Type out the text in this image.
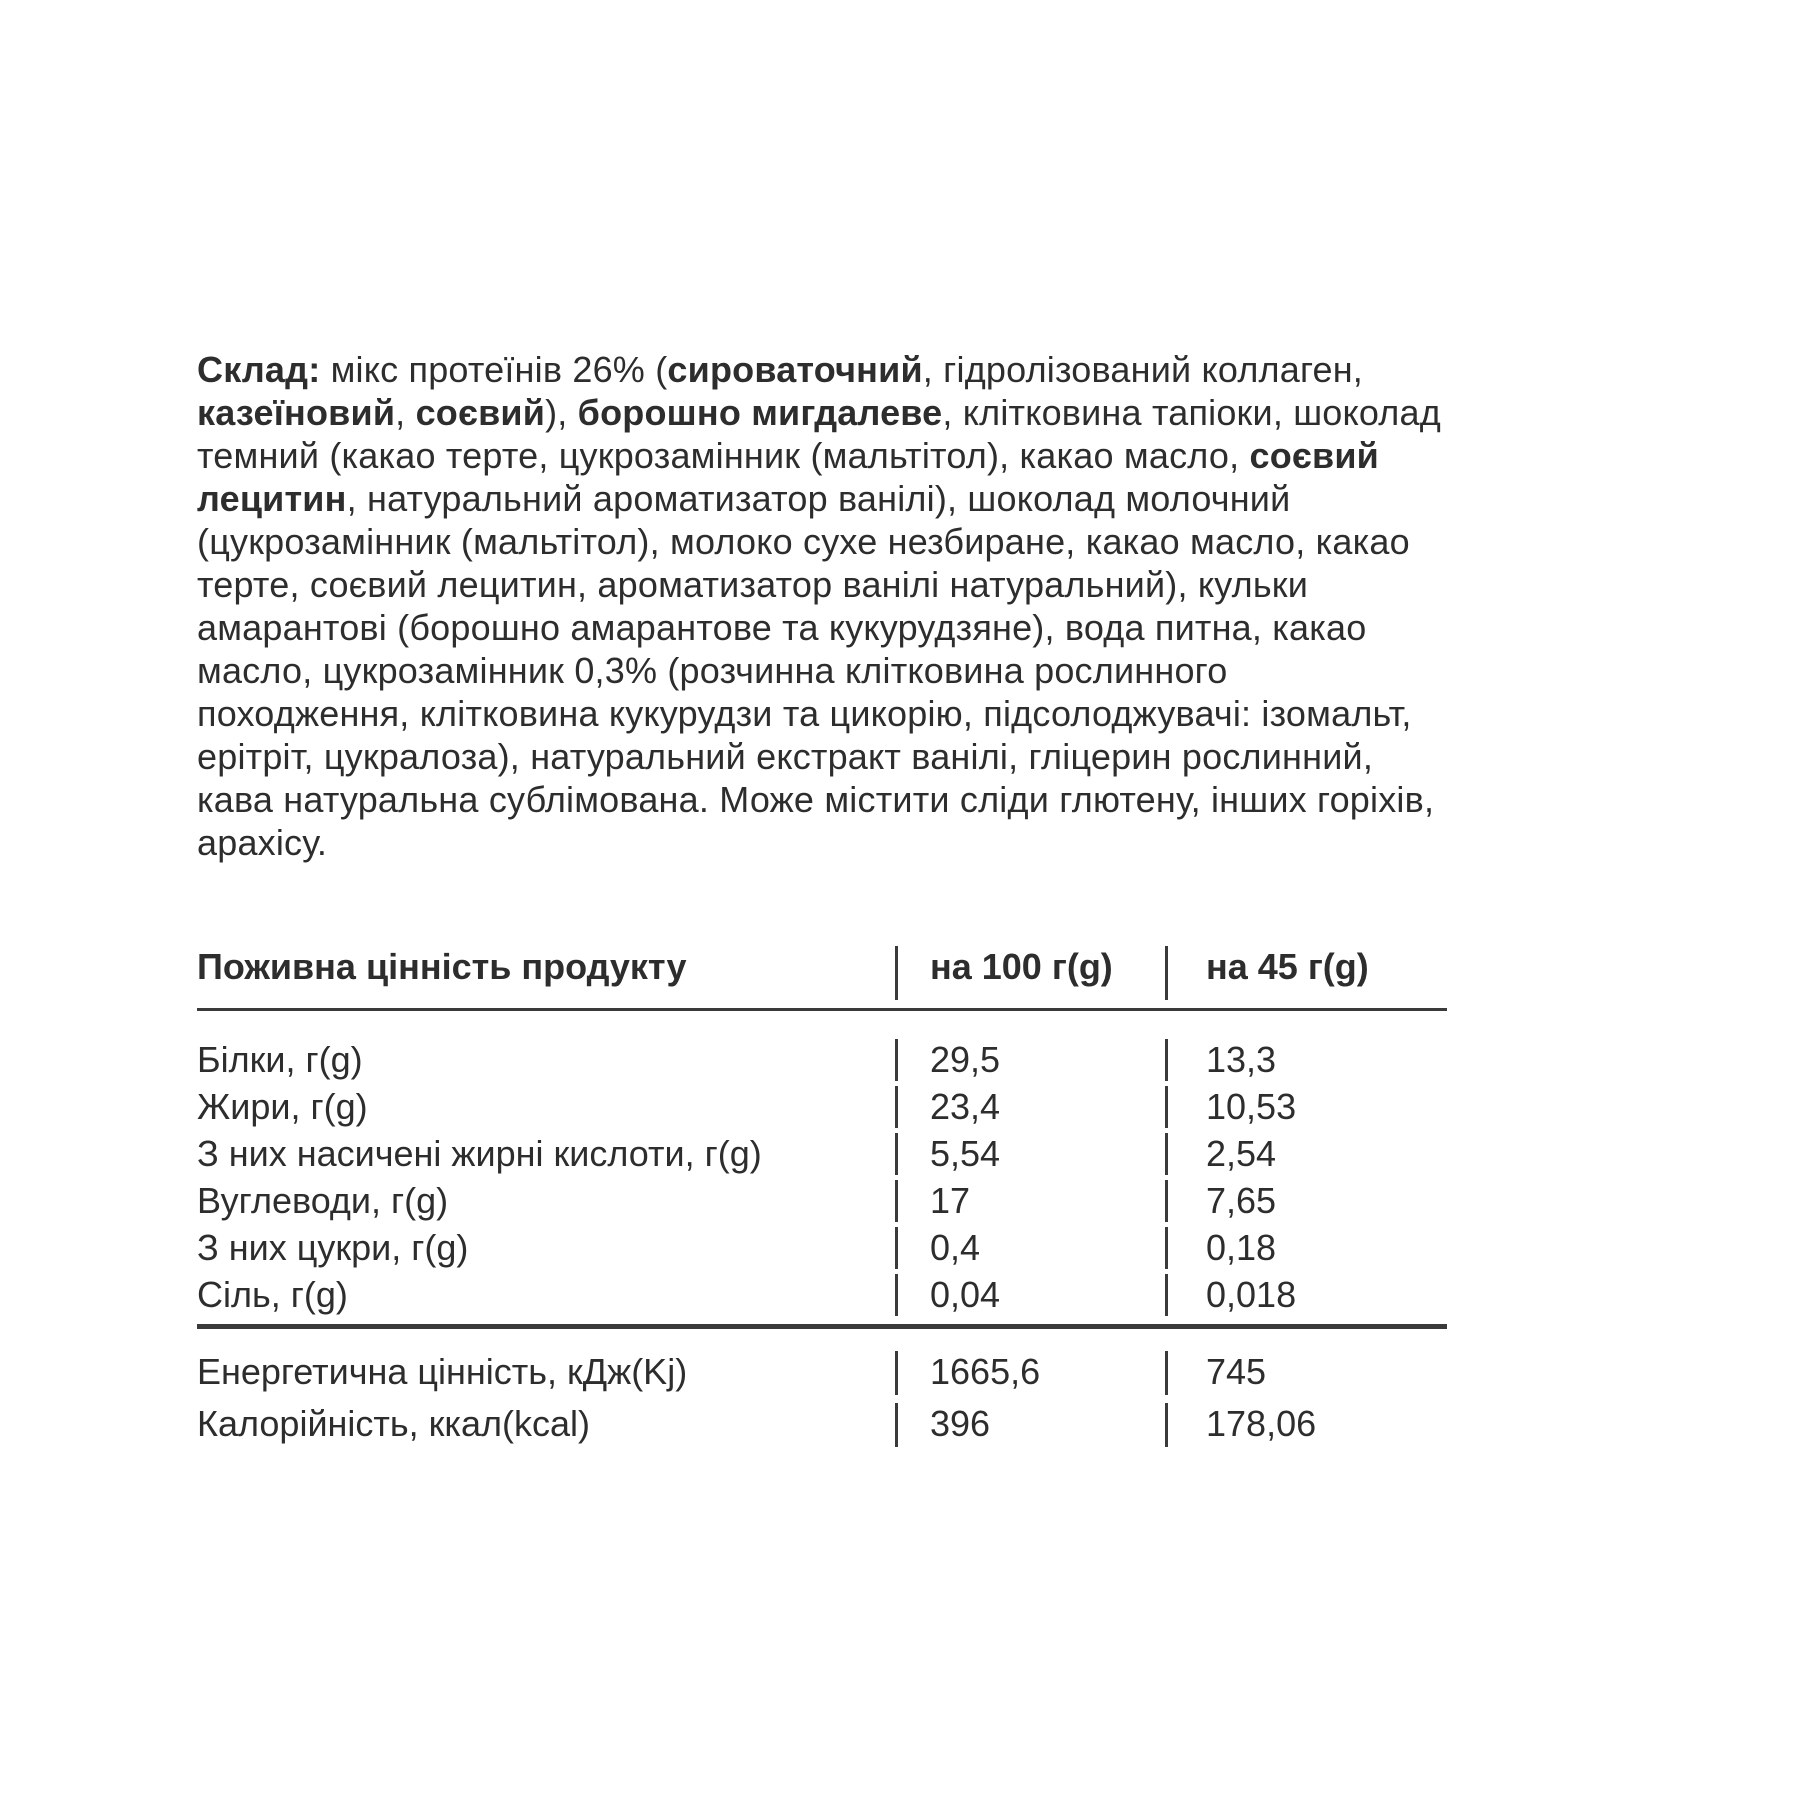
Склад: мікс протеїнів 26% (сироваточний, гідролізований коллаген, казеїновий, соєвий), борошно мигдалеве, клітковина тапіоки, шоколад темний (какао терте, цукрозамінник (мальтітол), какао масло, соєвий лецитин, натуральний ароматизатор ванілі), шоколад молочний (цукрозамінник (мальтітол), молоко сухе незбиране, какао масло, какао терте, соєвий лецитин, ароматизатор ванілі натуральний), кульки амарантові (борошно амарантове та кукурудзяне), вода питна, какао масло, цукрозамінник 0,3% (розчинна клітковина рослинного походження, клітковина кукурудзи та цикорію, підсолоджувачі: ізомальт, ерітріт, цукралоза), натуральний екстракт ванілі, гліцерин рослинний, кава натуральна сублімована. Може містити сліди глютену, інших горіхів, арахісу.

Поживна цінність продукту	на 100 г(g)	на 45 г(g)
Білки, г(g)	29,5	13,3
Жири, г(g)	23,4	10,53
З них насичені жирні кислоти, г(g)	5,54	2,54
Вуглеводи, г(g)	17	7,65
З них цукри, г(g)	0,4	0,18
Сіль, г(g)	0,04	0,018
Енергетична цінність, кДж(Kj)	1665,6	745
Калорійність, ккал(kcal)	396	178,06
